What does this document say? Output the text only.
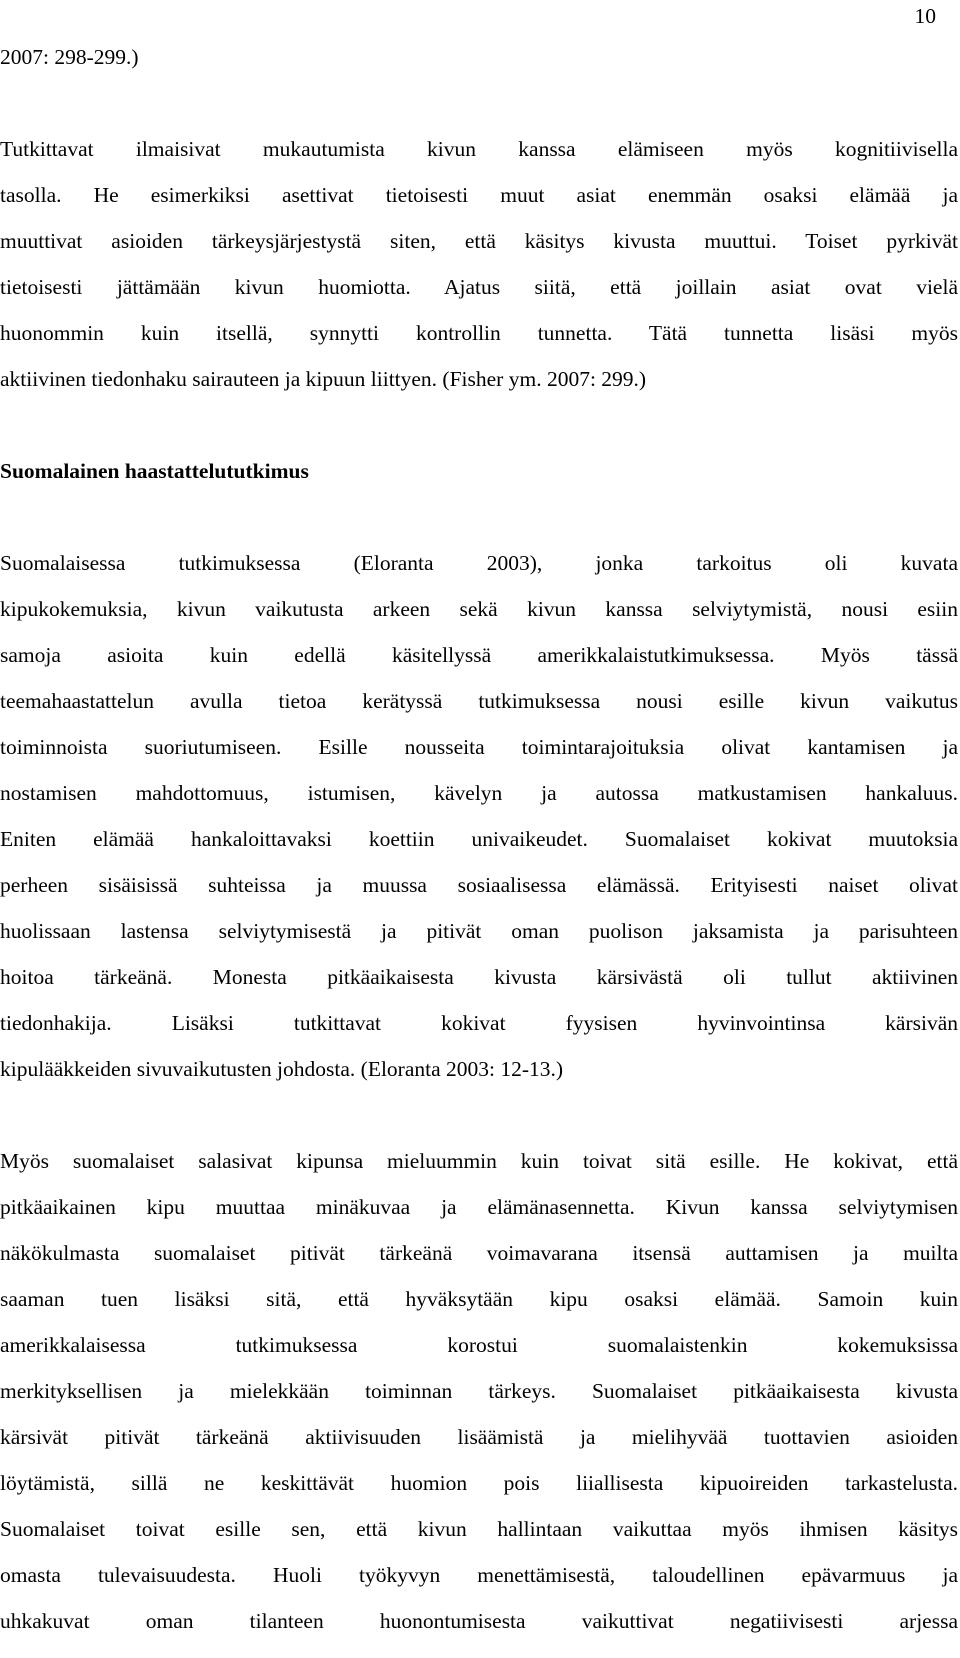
10
2007: 298-299.)
Tutkittavat ilmaisivat mukautumista kivun kanssa elämiseen myös kognitiivisella
tasolla. He esimerkiksi asettivat tietoisesti muut asiat enemmän osaksi elämää ja
muuttivat asioiden tärkeysjärjestystä siten, että käsitys kivusta muuttui. Toiset pyrkivät
tietoisesti jättämään kivun huomiotta. Ajatus siitä, että joillain asiat ovat vielä
huonommin kuin itsellä, synnytti kontrollin tunnetta. Tätä tunnetta lisäsi myös
aktiivinen tiedonhaku sairauteen ja kipuun liittyen. (Fisher ym. 2007: 299.)
Suomalainen haastattelututkimus
Suomalaisessa tutkimuksessa (Eloranta 2003), jonka tarkoitus oli kuvata
kipukokemuksia, kivun vaikutusta arkeen sekä kivun kanssa selviytymistä, nousi esiin
samoja asioita kuin edellä käsitellyssä amerikkalaistutkimuksessa. Myös tässä
teemahaastattelun avulla tietoa kerätyssä tutkimuksessa nousi esille kivun vaikutus
toiminnoista suoriutumiseen. Esille nousseita toimintarajoituksia olivat kantamisen ja
nostamisen mahdottomuus, istumisen, kävelyn ja autossa matkustamisen hankaluus.
Eniten elämää hankaloittavaksi koettiin univaikeudet. Suomalaiset kokivat muutoksia
perheen sisäisissä suhteissa ja muussa sosiaalisessa elämässä. Erityisesti naiset olivat
huolissaan lastensa selviytymisestä ja pitivät oman puolison jaksamista ja parisuhteen
hoitoa tärkeänä. Monesta pitkäaikaisesta kivusta kärsivästä oli tullut aktiivinen
tiedonhakija. Lisäksi tutkittavat kokivat fyysisen hyvinvointinsa kärsivän
kipulääkkeiden sivuvaikutusten johdosta. (Eloranta 2003: 12-13.)
Myös suomalaiset salasivat kipunsa mieluummin kuin toivat sitä esille. He kokivat, että
pitkäaikainen kipu muuttaa minäkuvaa ja elämänasennetta. Kivun kanssa selviytymisen
näkökulmasta suomalaiset pitivät tärkeänä voimavarana itsensä auttamisen ja muilta
saaman tuen lisäksi sitä, että hyväksytään kipu osaksi elämää. Samoin kuin
amerikkalaisessa tutkimuksessa korostui suomalaistenkin kokemuksissa
merkityksellisen ja mielekkään toiminnan tärkeys. Suomalaiset pitkäaikaisesta kivusta
kärsivät pitivät tärkeänä aktiivisuuden lisäämistä ja mielihyvää tuottavien asioiden
löytämistä, sillä ne keskittävät huomion pois liiallisesta kipuoireiden tarkastelusta.
Suomalaiset toivat esille sen, että kivun hallintaan vaikuttaa myös ihmisen käsitys
omasta tulevaisuudesta. Huoli työkyvyn menettämisestä, taloudellinen epävarmuus ja
uhkakuvat oman tilanteen huonontumisesta vaikuttivat negatiivisesti arjessa
